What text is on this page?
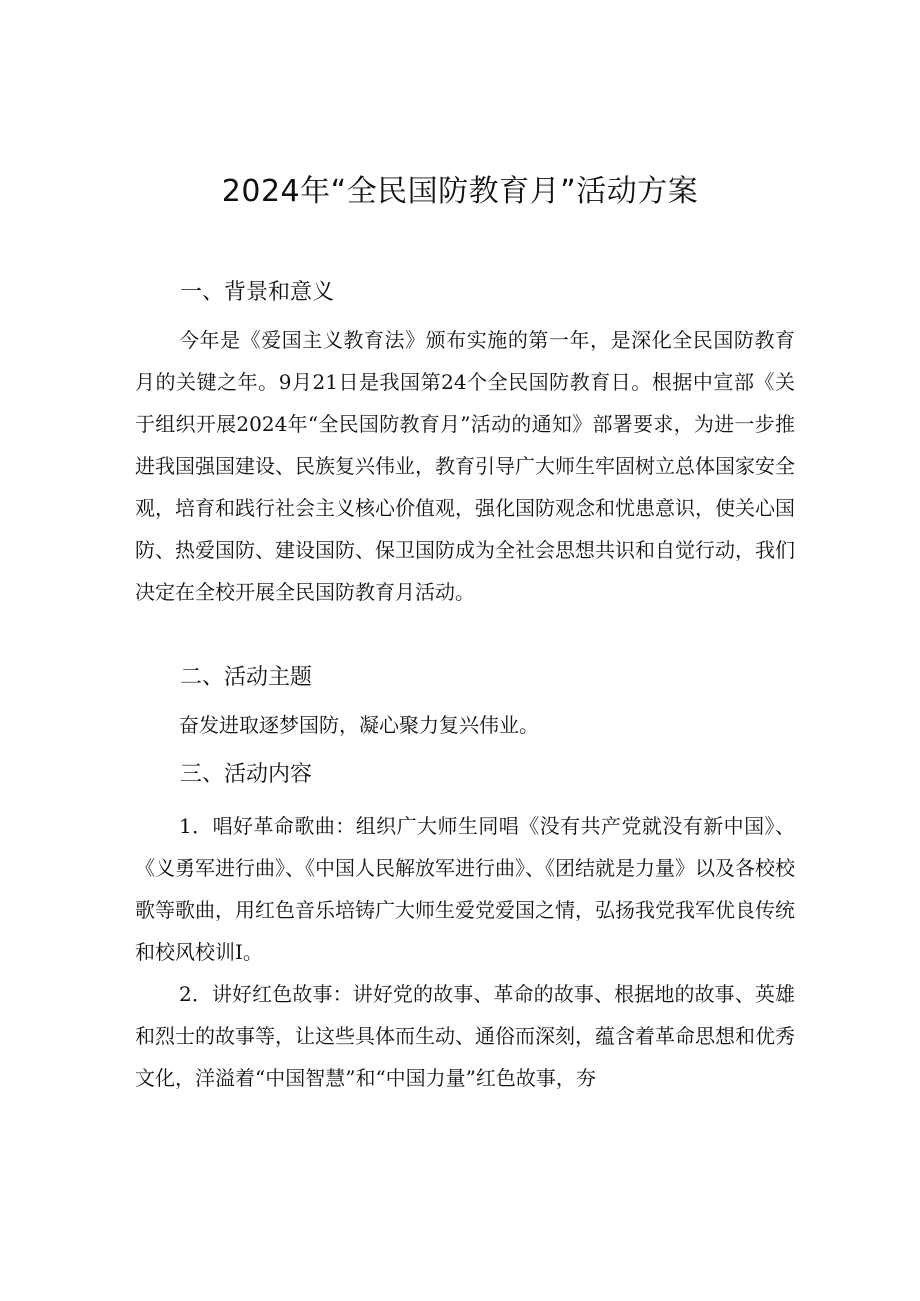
2024年“全民国防教育月”活动方案
一、背景和意义

今年是《爱国主义教育法》颁布实施的第一年，是深化全民国防教育月的关键之年。9月21日是我国第24个全民国防教育日。根据中宣部《关于组织开展2024年“全民国防教育月”活动的通知》部署要求，为进一步推进我国强国建设、民族复兴伟业，教育引导广大师生牢固树立总体国家安全观，培育和践行社会主义核心价值观，强化国防观念和忧患意识，使关心国防、热爱国防、建设国防、保卫国防成为全社会思想共识和自觉行动，我们决定在全校开展全民国防教育月活动。

二、活动主题

奋发进取逐梦国防，凝心聚力复兴伟业。

三、活动内容

1．唱好革命歌曲：组织广大师生同唱《没有共产党就没有新中国》、《义勇军进行曲》、《中国人民解放军进行曲》、《团结就是力量》以及各校校歌等歌曲，用红色音乐培铸广大师生爱党爱国之情，弘扬我党我军优良传统和校风校训I。

2．讲好红色故事：讲好党的故事、革命的故事、根据地的故事、英雄和烈士的故事等，让这些具体而生动、通俗而深刻，蕴含着革命思想和优秀文化，洋溢着“中国智慧”和“中国力量”红色故事，夯
